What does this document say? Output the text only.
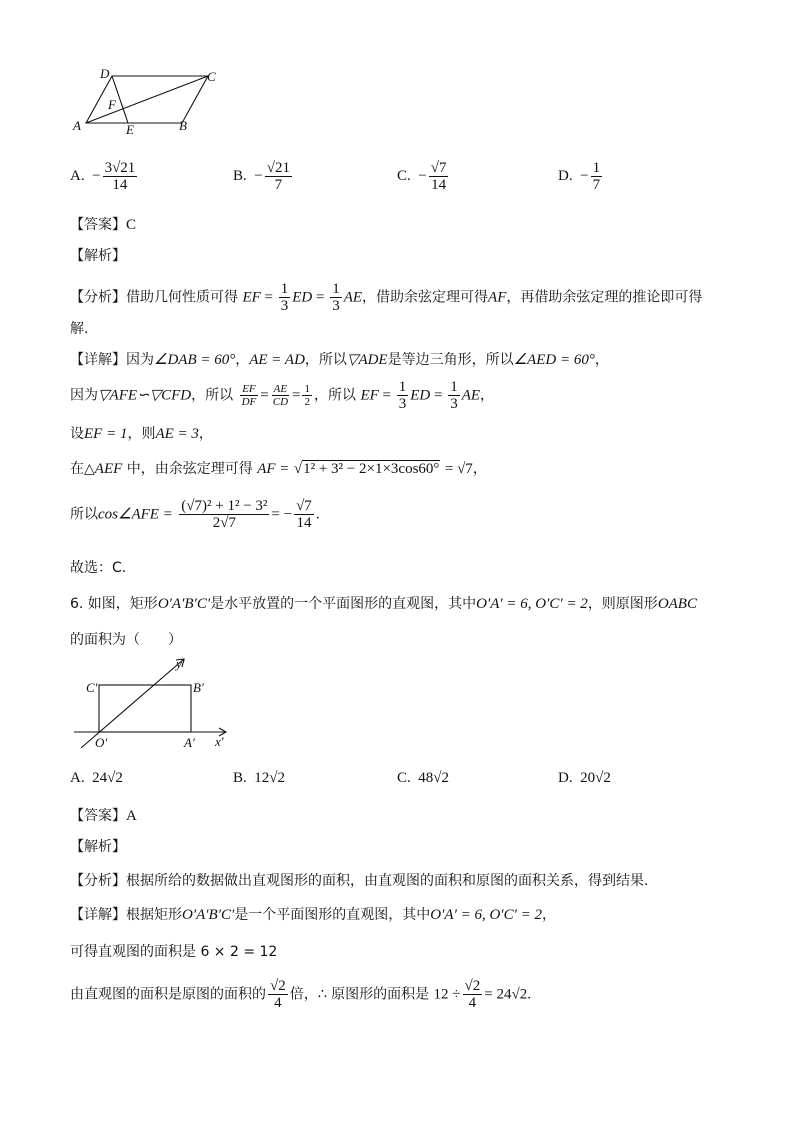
D	C
F
A	E	B
A. − $\frac{3√21}{14}$	B. − $\frac{√21}{7}$	C. − $\frac{√7}{14}$	D. − $\frac{1}{7}$
【答案】C
【解析】
【分析】借助几何性质可得 EF = $\frac{1}{3}$ ED = $\frac{1}{3}$ AE，借助余弦定理可得AF，再借助余弦定理的推论即可得
解.
【详解】因为∠DAB = 60°，AE = AD，所以▽ADE是等边三角形，所以∠AED = 60°，
因为▽AFE∽▽CFD，所以 $\frac{EF}{DF} = \frac{AE}{CD} = \frac{1}{2}$ ，所以 EF = $\frac{1}{3}$ ED = $\frac{1}{3}$ AE，
设EF = 1，则AE = 3，
在△AEF 中，由余弦定理可得 AF = √1² + 3² − 2×1×3cos60° = √7，
所以cos∠AFE = $\frac{\text{(√7)² + 1² − 3²}}{2√7}$ = − $\frac{√7}{14}$ .
故选：C.
6. 如图，矩形O′A′B′C′是水平放置的一个平面图形的直观图，其中O′A′ = 6, O′C′ = 2，则原图形OABC
的面积为（　　）
y′
C′	B′
O′	A′ x′
A. 24√2	B. 12√2	C. 48√2	D. 20√2
【答案】A
【解析】
【分析】根据所给的数据做出直观图形的面积，由直观图的面积和原图的面积关系，得到结果.
【详解】根据矩形O′A′B′C′是一个平面图形的直观图，其中O′A′ = 6, O′C′ = 2，
可得直观图的面积是 6 × 2 = 12
由直观图的面积是原图的面积的 $\frac{√2}{4}$ 倍，∴ 原图形的面积是 $12 \div \frac{√2}{4} = 24√2$.
